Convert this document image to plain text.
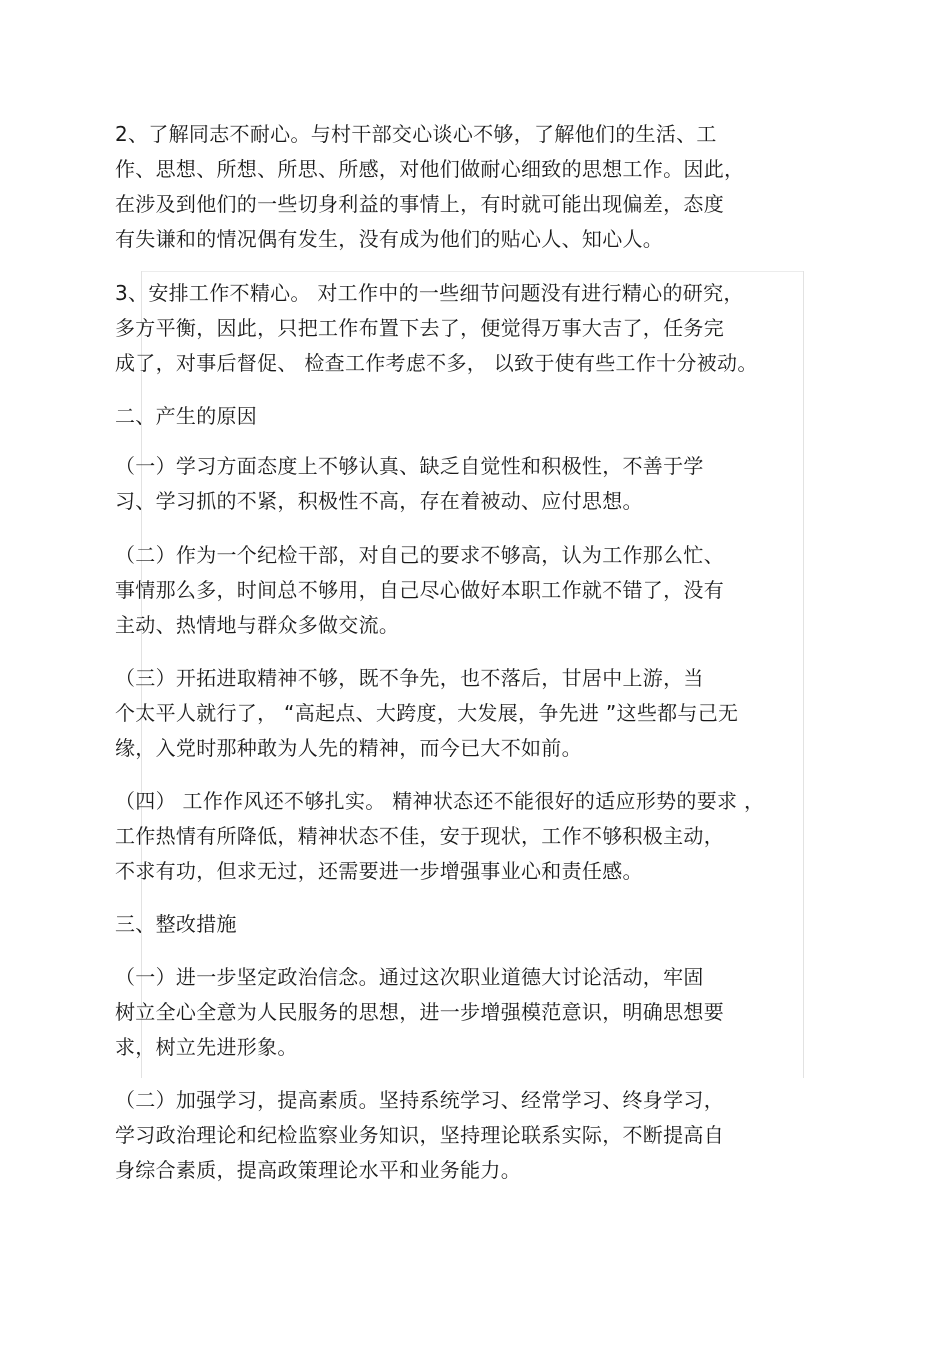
2、了解同志不耐心。与村干部交心谈心不够，了解他们的生活、工
作、思想、所想、所思、所感，对他们做耐心细致的思想工作。因此，
在涉及到他们的一些切身利益的事情上，有时就可能出现偏差，态度
有失谦和的情况偶有发生，没有成为他们的贴心人、知心人。
3、安排工作不精心。 对工作中的一些细节问题没有进行精心的研究，
多方平衡，因此，只把工作布置下去了，便觉得万事大吉了，任务完
成了，对事后督促、 检查工作考虑不多， 以致于使有些工作十分被动。
二、产生的原因
（一）学习方面态度上不够认真、缺乏自觉性和积极性，不善于学
习、学习抓的不紧，积极性不高，存在着被动、应付思想。
（二）作为一个纪检干部，对自己的要求不够高，认为工作那么忙、
事情那么多，时间总不够用，自己尽心做好本职工作就不错了，没有
主动、热情地与群众多做交流。
（三）开拓进取精神不够，既不争先，也不落后，甘居中上游，当
个太平人就行了， “高起点、大跨度，大发展，争先进 ”这些都与己无
缘，入党时那种敢为人先的精神，而今已大不如前。
（四） 工作作风还不够扎实。 精神状态还不能很好的适应形势的要求 ，
工作热情有所降低，精神状态不佳，安于现状，工作不够积极主动，
不求有功，但求无过，还需要进一步增强事业心和责任感。
三、整改措施
（一）进一步坚定政治信念。通过这次职业道德大讨论活动，牢固
树立全心全意为人民服务的思想，进一步增强模范意识，明确思想要
求，树立先进形象。
（二）加强学习，提高素质。坚持系统学习、经常学习、终身学习，
学习政治理论和纪检监察业务知识，坚持理论联系实际，不断提高自
身综合素质，提高政策理论水平和业务能力。
